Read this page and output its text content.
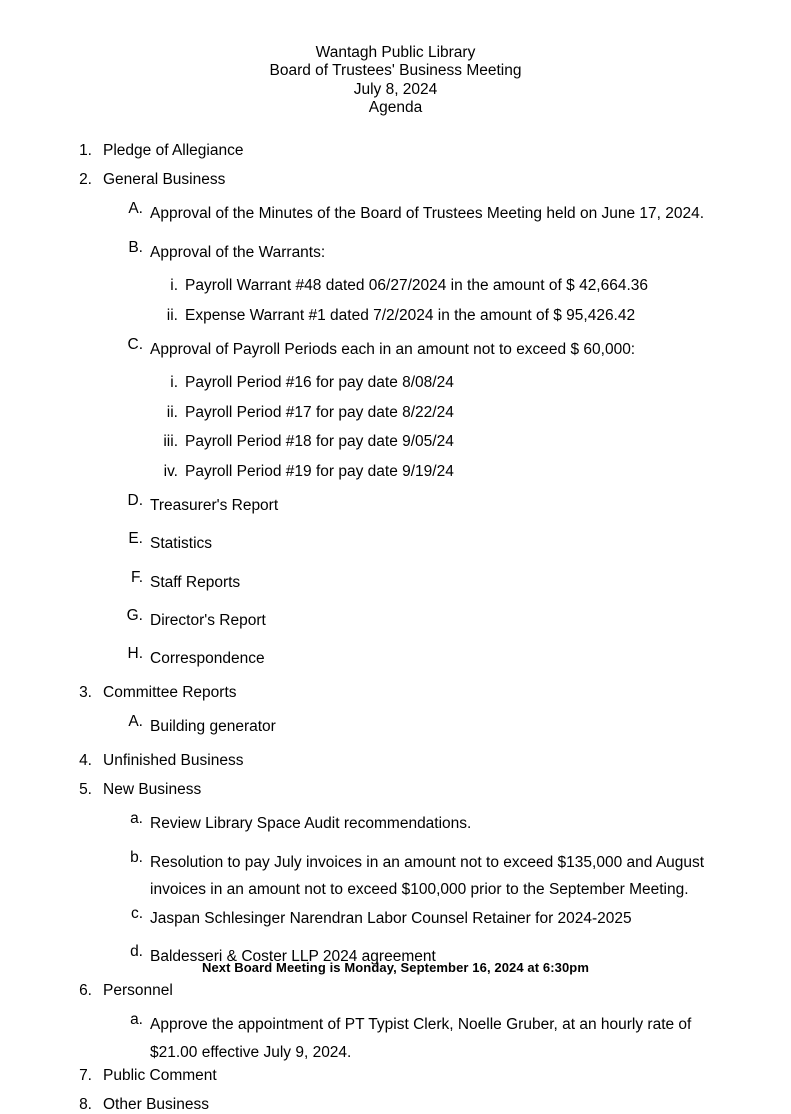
Wantagh Public Library
Board of Trustees' Business Meeting
July 8, 2024
Agenda
1. Pledge of Allegiance
2. General Business
A. Approval of the Minutes of the Board of Trustees Meeting held on June 17, 2024.
B. Approval of the Warrants:
i. Payroll Warrant #48 dated 06/27/2024 in the amount of $ 42,664.36
ii. Expense Warrant #1 dated 7/2/2024 in the amount of $ 95,426.42
C. Approval of Payroll Periods each in an amount not to exceed $ 60,000:
i. Payroll Period #16 for pay date 8/08/24
ii. Payroll Period #17 for pay date 8/22/24
iii. Payroll Period #18 for pay date 9/05/24
iv. Payroll Period #19 for pay date 9/19/24
D. Treasurer's Report
E. Statistics
F. Staff Reports
G. Director's Report
H. Correspondence
3. Committee Reports
A. Building generator
4. Unfinished Business
5. New Business
a. Review Library Space Audit recommendations.
b. Resolution to pay July invoices in an amount not to exceed $135,000 and August
invoices in an amount not to exceed $100,000 prior to the September Meeting.
c. Jaspan Schlesinger Narendran Labor Counsel Retainer for 2024-2025
d. Baldesseri & Coster LLP 2024 agreement
6. Personnel
a. Approve the appointment of PT Typist Clerk, Noelle Gruber, at an hourly rate of
$21.00 effective July 9, 2024.
7. Public Comment
8. Other Business
Next Board Meeting is Monday, September 16, 2024 at 6:30pm
